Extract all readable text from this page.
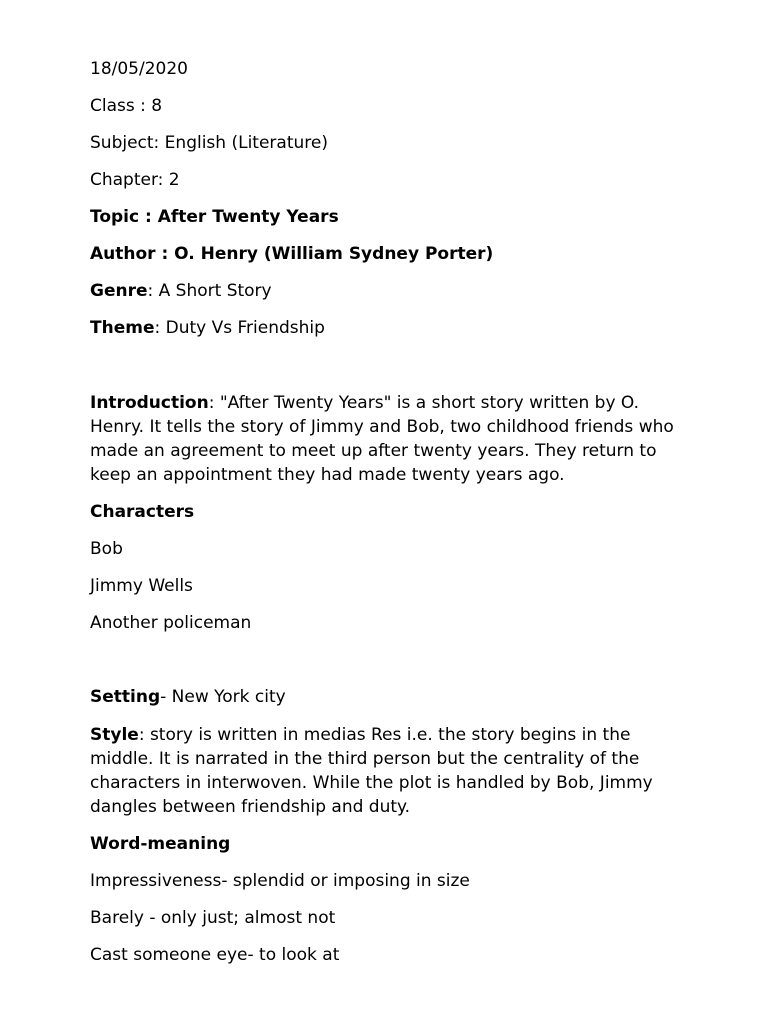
18/05/2020

Class : 8

Subject: English (Literature)

Chapter: 2

Topic : After Twenty Years

Author : O. Henry (William Sydney Porter)

Genre: A Short Story

Theme: Duty Vs Friendship

Introduction: "After Twenty Years" is a short story written by O. Henry. It tells the story of Jimmy and Bob, two childhood friends who made an agreement to meet up after twenty years. They return to keep an appointment they had made twenty years ago.

Characters

Bob

Jimmy Wells

Another policeman

Setting- New York city

Style: story is written in medias Res i.e. the story begins in the middle. It is narrated in the third person but the centrality of the characters in interwoven. While the plot is handled by Bob, Jimmy dangles between friendship and duty.

Word-meaning

Impressiveness- splendid or imposing in size

Barely - only just; almost not

Cast someone eye- to look at
